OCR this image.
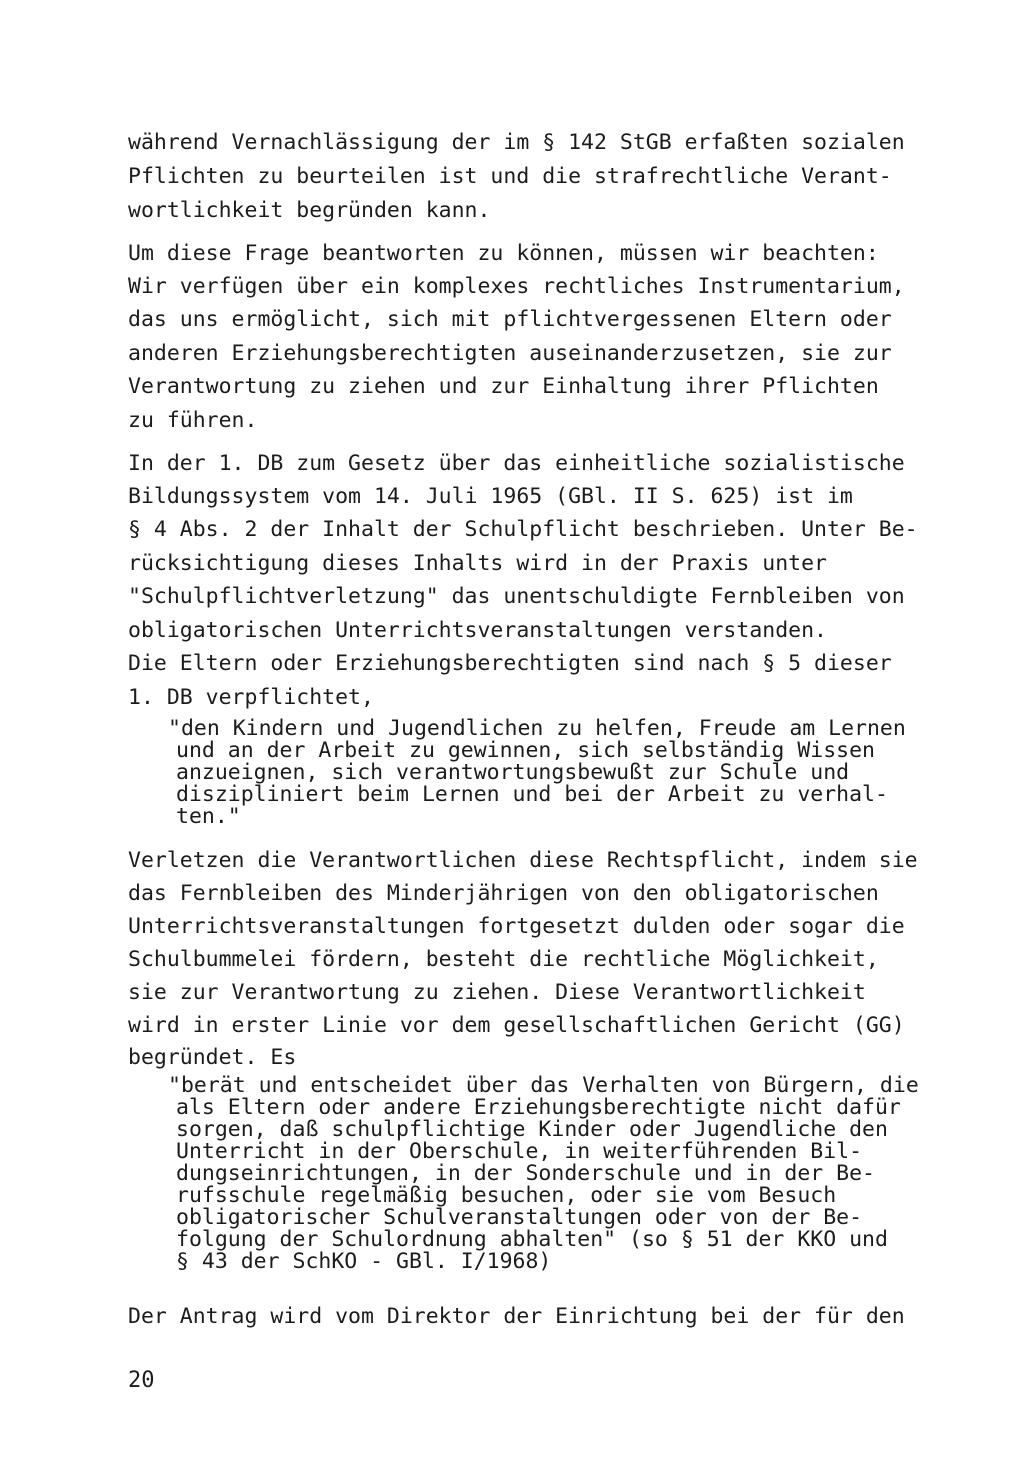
während Vernachlässigung der im § 142 StGB erfaßten sozialen
Pflichten zu beurteilen ist und die strafrechtliche Verant-
wortlichkeit begründen kann.
Um diese Frage beantworten zu können, müssen wir beachten:
Wir verfügen über ein komplexes rechtliches Instrumentarium,
das uns ermöglicht, sich mit pflichtvergessenen Eltern oder
anderen Erziehungsberechtigten auseinanderzusetzen, sie zur
Verantwortung zu ziehen und zur Einhaltung ihrer Pflichten
zu führen.
In der 1. DB zum Gesetz über das einheitliche sozialistische
Bildungssystem vom 14. Juli 1965 (GBl. II S. 625) ist im
§ 4 Abs. 2 der Inhalt der Schulpflicht beschrieben. Unter Be-
rücksichtigung dieses Inhalts wird in der Praxis unter
"Schulpflichtverletzung" das unentschuldigte Fernbleiben von
obligatorischen Unterrichtsveranstaltungen verstanden.
Die Eltern oder Erziehungsberechtigten sind nach § 5 dieser
1. DB verpflichtet,
"den Kindern und Jugendlichen zu helfen, Freude am Lernen
und an der Arbeit zu gewinnen, sich selbständig Wissen
anzueignen, sich verantwortungsbewußt zur Schule und
diszipliniert beim Lernen und bei der Arbeit zu verhal-
ten."
Verletzen die Verantwortlichen diese Rechtspflicht, indem sie
das Fernbleiben des Minderjährigen von den obligatorischen
Unterrichtsveranstaltungen fortgesetzt dulden oder sogar die
Schulbummelei fördern, besteht die rechtliche Möglichkeit,
sie zur Verantwortung zu ziehen. Diese Verantwortlichkeit
wird in erster Linie vor dem gesellschaftlichen Gericht (GG)
begründet. Es
"berät und entscheidet über das Verhalten von Bürgern, die
als Eltern oder andere Erziehungsberechtigte nicht dafür
sorgen, daß schulpflichtige Kinder oder Jugendliche den
Unterricht in der Oberschule, in weiterführenden Bil-
dungseinrichtungen, in der Sonderschule und in der Be-
rufsschule regelmäßig besuchen, oder sie vom Besuch
obligatorischer Schulveranstaltungen oder von der Be-
folgung der Schulordnung abhalten" (so § 51 der KKO und
§ 43 der SchKO - GBl. I/1968)
Der Antrag wird vom Direktor der Einrichtung bei der für den
20
